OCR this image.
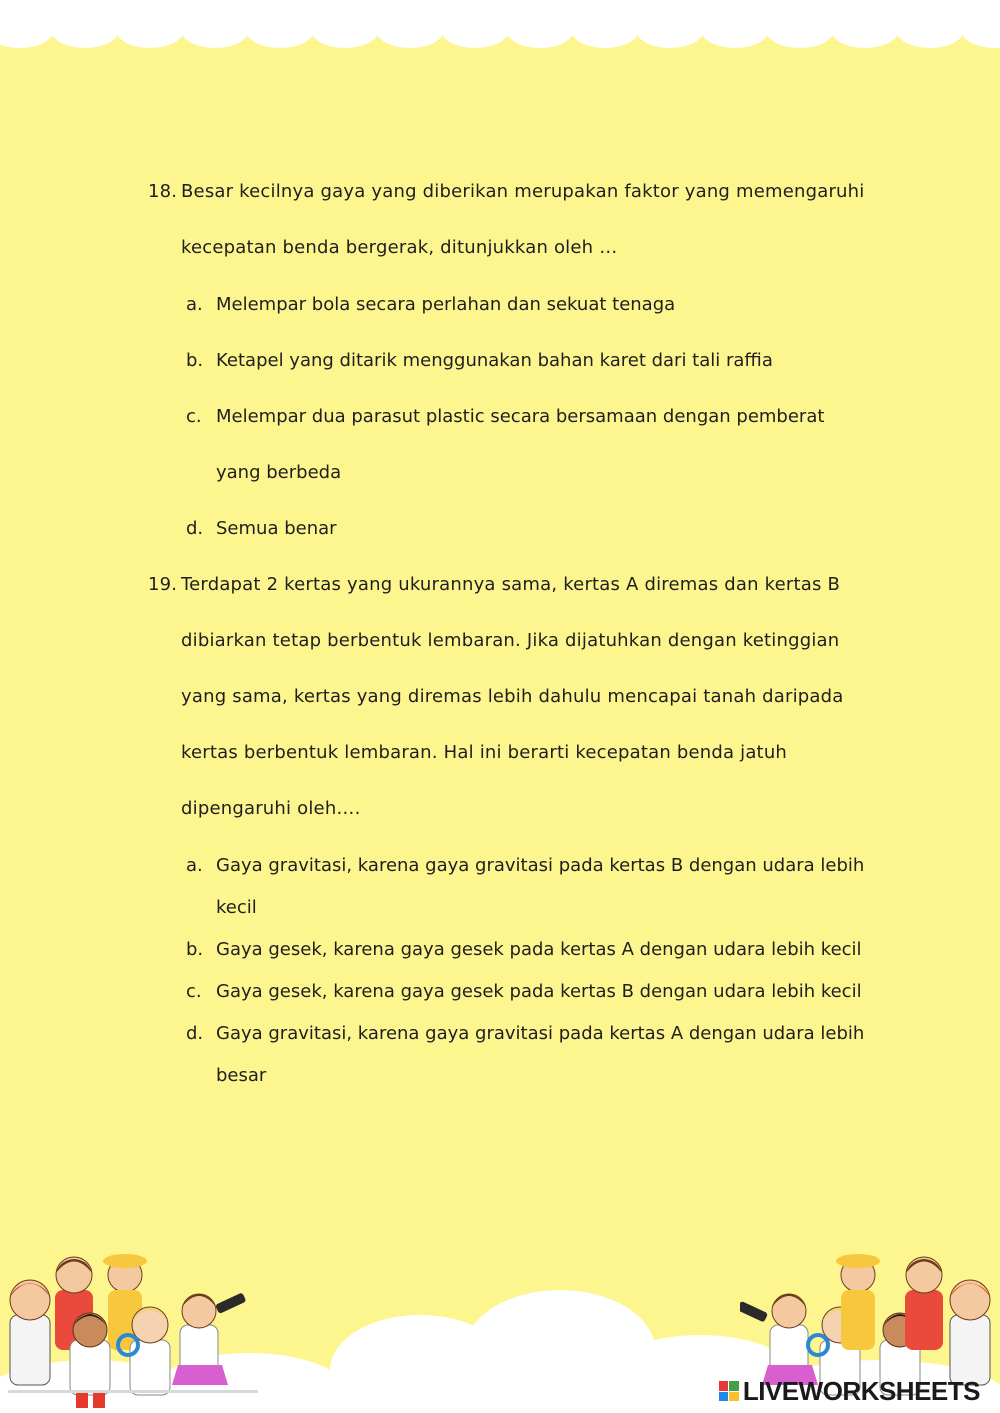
18. Besar kecilnya gaya yang diberikan merupakan faktor yang memengaruhi
kecepatan benda bergerak, ditunjukkan oleh …
a. Melempar bola secara perlahan dan sekuat tenaga
b. Ketapel yang ditarik menggunakan bahan karet dari tali raffia
c. Melempar dua parasut plastic secara bersamaan dengan pemberat
yang berbeda
d. Semua benar
19. Terdapat 2 kertas yang ukurannya sama, kertas A diremas dan kertas B
dibiarkan tetap berbentuk lembaran. Jika dijatuhkan dengan ketinggian
yang sama, kertas yang diremas lebih dahulu mencapai tanah daripada
kertas berbentuk lembaran. Hal ini berarti kecepatan benda jatuh
dipengaruhi oleh….
a. Gaya gravitasi, karena gaya gravitasi pada kertas B dengan udara lebih
kecil
b. Gaya gesek, karena gaya gesek pada kertas A dengan udara lebih kecil
c. Gaya gesek, karena gaya gesek pada kertas B dengan udara lebih kecil
d. Gaya gravitasi, karena gaya gravitasi pada kertas A dengan udara lebih
besar
LIVEWORKSHEETS
